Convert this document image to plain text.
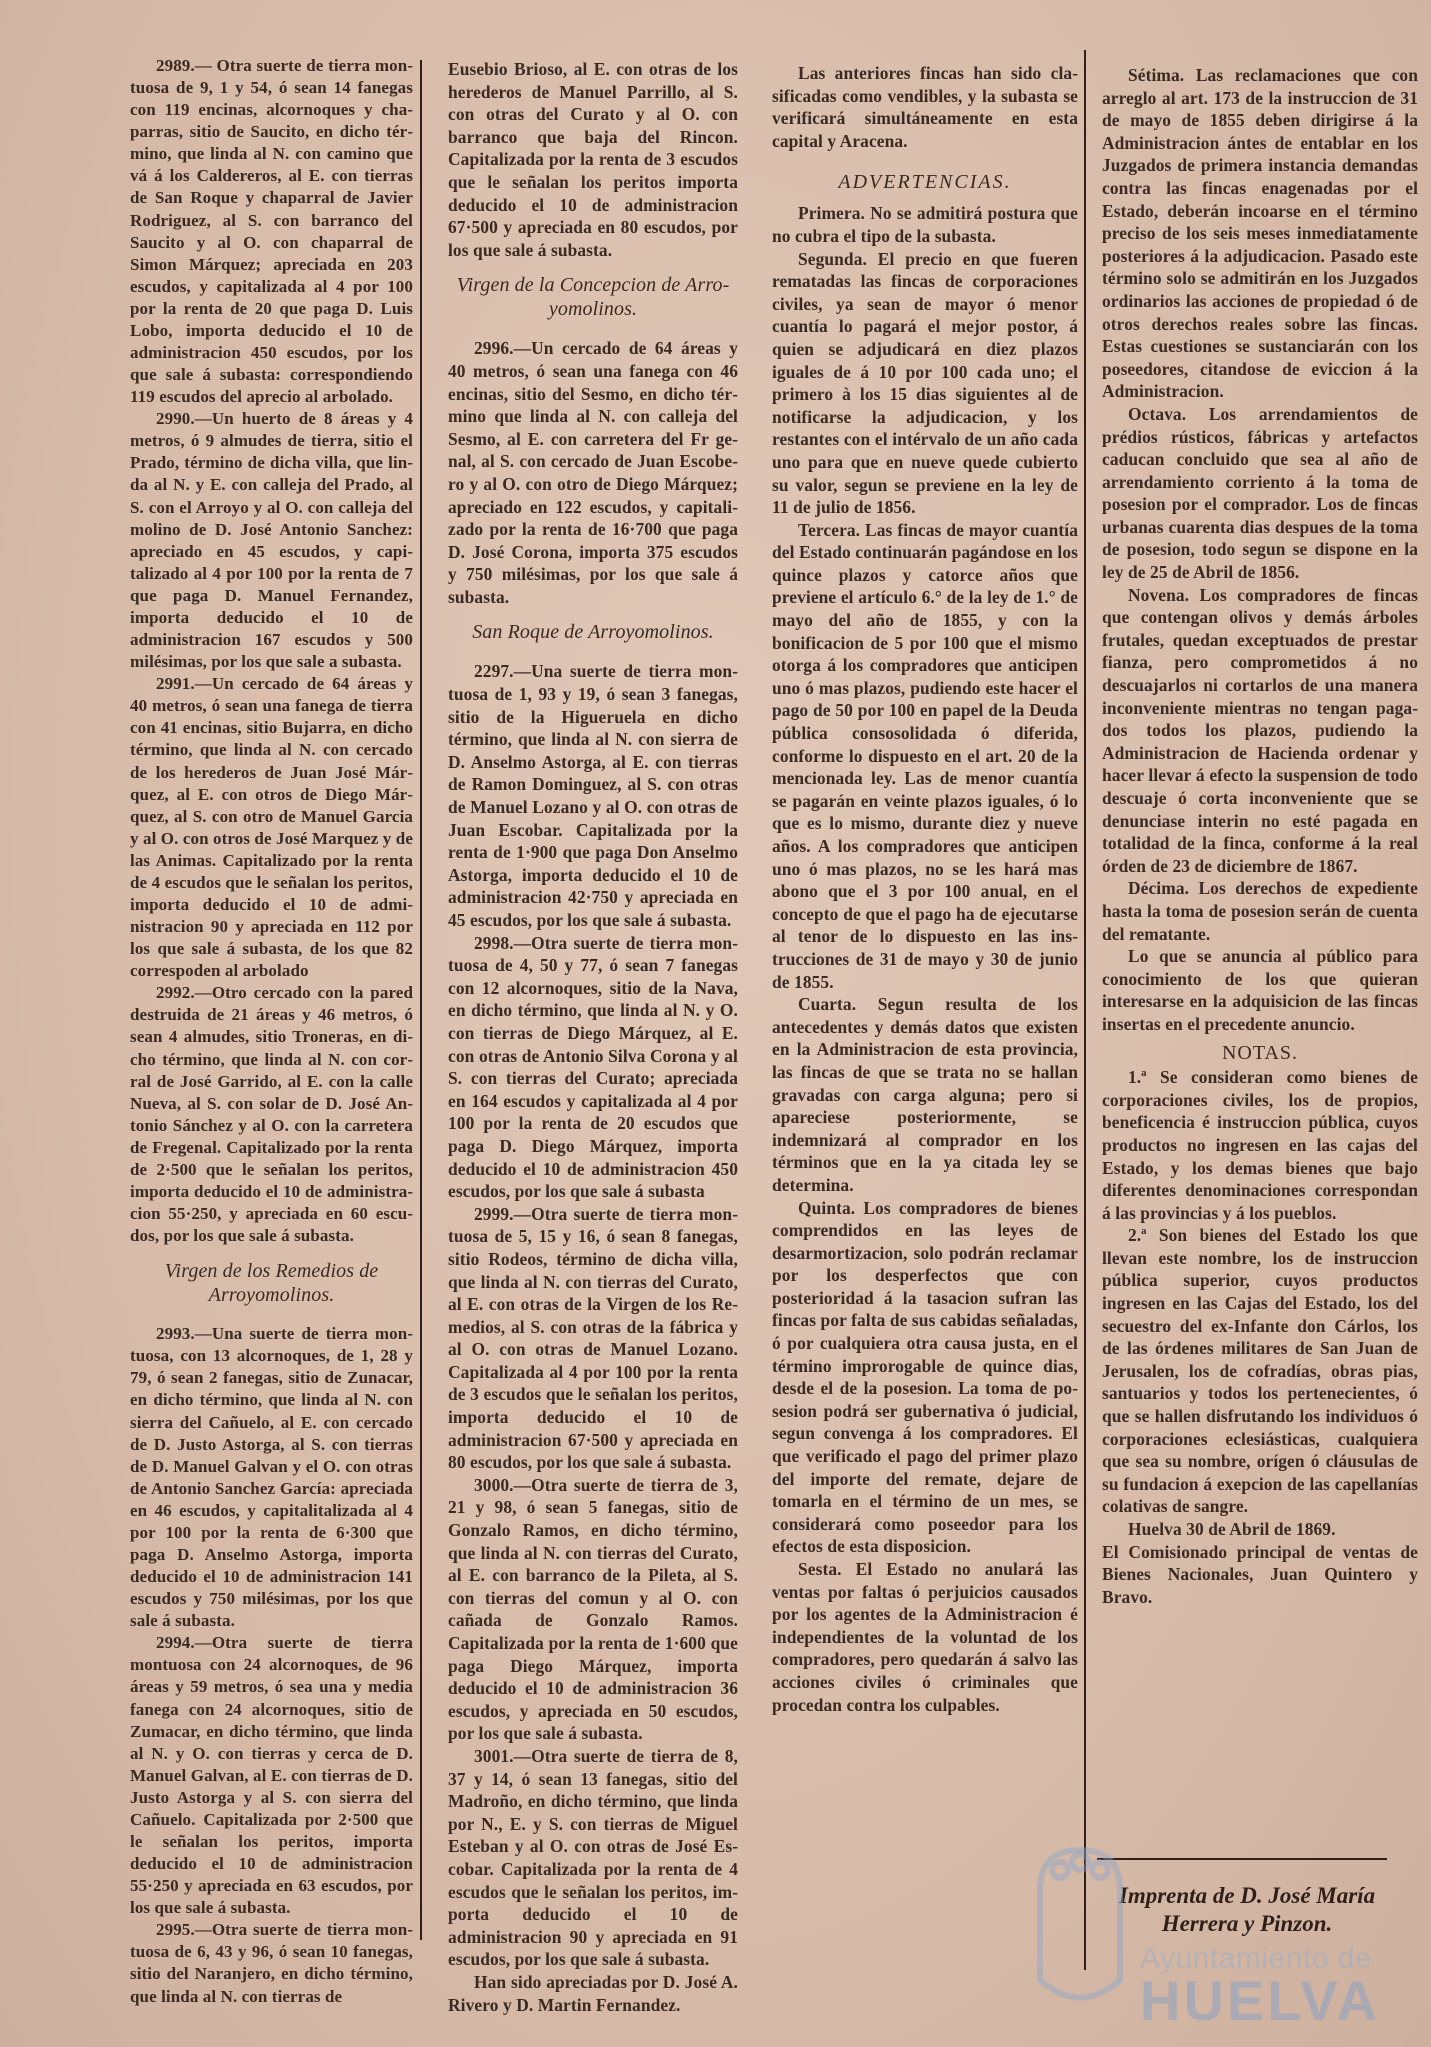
2989.— Otra suerte de tierra montuosa de 9, 1 y 54, ó sean 14 fanegas con 119 encinas, alcornoques y chaparras, sitio de Saucito, en dicho término, que linda al N. con camino que vá á los Caldereros, al E. con tierras de San Roque y chaparral de Javier Rodriguez, al S. con barranco del Saucito y al O. con chaparral de Simon Márquez; apreciada en 203 escudos, y capitalizada al 4 por 100 por la renta de 20 que paga D. Luis Lobo, importa deducido el 10 de administracion 450 escudos, por los que sale á subasta: correspondiendo 119 escudos del aprecio al arbolado.

2990.—Un huerto de 8 áreas y 4 metros, ó 9 almudes de tierra, sitio el Prado, término de dicha villa, que linda al N. y E. con calleja del Prado, al S. con el Arroyo y al O. con calleja del molino de D. José Antonio Sanchez: apreciado en 45 escudos, y capitalizado al 4 por 100 por la renta de 7 que paga D. Manuel Fernandez, importa deducido el 10 de administracion 167 escudos y 500 milésimas, por los que sale a subasta.

2991.—Un cercado de 64 áreas y 40 metros, ó sean una fanega de tierra con 41 encinas, sitio Bujarra, en dicho término, que linda al N. con cercado de los herederos de Juan José Márquez, al E. con otros de Diego Márquez, al S. con otro de Manuel Garcia y al O. con otros de José Marquez y de las Animas. Capitalizado por la renta de 4 escudos que le señalan los peritos, importa deducido el 10 de administracion 90 y apreciada en 112 por los que sale á subasta, de los que 82 correspoden al arbolado

2992.—Otro cercado con la pared destruida de 21 áreas y 46 metros, ó sean 4 almudes, sitio Troneras, en dicho término, que linda al N. con corral de José Garrido, al E. con la calle Nueva, al S. con solar de D. José Antonio Sánchez y al O. con la carretera de Fregenal. Capitalizado por la renta de 2·500 que le señalan los peritos, importa deducido el 10 de administracion 55·250, y apreciada en 60 escudos, por los que sale á subasta.

Virgen de los Remedios de Arroyomolinos.

2993.—Una suerte de tierra montuosa, con 13 alcornoques, de 1, 28 y 79, ó sean 2 fanegas, sitio de Zunacar, en dicho término, que linda al N. con sierra del Cañuelo, al E. con cercado de D. Justo Astorga, al S. con tierras de D. Manuel Galvan y el O. con otras de Antonio Sanchez García: apreciada en 46 escudos, y capitalitalizada al 4 por 100 por la renta de 6·300 que paga D. Anselmo Astorga, importa deducido el 10 de administracion 141 escudos y 750 milésimas, por los que sale á subasta.

2994.—Otra suerte de tierra montuosa con 24 alcornoques, de 96 áreas y 59 metros, ó sea una y media fanega con 24 alcornoques, sitio de Zumacar, en dicho término, que linda al N. y O. con tierras y cerca de D. Manuel Galvan, al E. con tierras de D. Justo Astorga y al S. con sierra del Cañuelo. Capitalizada por 2·500 que le señalan los peritos, importa deducido el 10 de administracion 55·250 y apreciada en 63 escudos, por los que sale á subasta.

2995.—Otra suerte de tierra montuosa de 6, 43 y 96, ó sean 10 fanegas, sitio del Naranjero, en dicho término, que linda al N. con tierras de

Eusebio Brioso, al E. con otras de los herederos de Manuel Parrillo, al S. con otras del Curato y al O. con barranco que baja del Rincon. Capitalizada por la renta de 3 escudos que le señalan los peritos importa deducido el 10 de administracion 67·500 y apreciada en 80 escudos, por los que sale á subasta.

Virgen de la Concepcion de Arroyomolinos.

2996.—Un cercado de 64 áreas y 40 metros, ó sean una fanega con 46 encinas, sitio del Sesmo, en dicho término que linda al N. con calleja del Sesmo, al E. con carretera del Fr genal, al S. con cercado de Juan Escobero y al O. con otro de Diego Márquez; apreciado en 122 escudos, y capitalizado por la renta de 16·700 que paga D. José Corona, importa 375 escudos y 750 milésimas, por los que sale á subasta.

San Roque de Arroyomolinos.

2297.—Una suerte de tierra montuosa de 1, 93 y 19, ó sean 3 fanegas, sitio de la Higueruela en dicho término, que linda al N. con sierra de D. Anselmo Astorga, al E. con tierras de Ramon Dominguez, al S. con otras de Manuel Lozano y al O. con otras de Juan Escobar. Capitalizada por la renta de 1·900 que paga Don Anselmo Astorga, importa deducido el 10 de administracion 42·750 y apreciada en 45 escudos, por los que sale á subasta.

2998.—Otra suerte de tierra montuosa de 4, 50 y 77, ó sean 7 fanegas con 12 alcornoques, sitio de la Nava, en dicho término, que linda al N. y O. con tierras de Diego Márquez, al E. con otras de Antonio Silva Corona y al S. con tierras del Curato; apreciada en 164 escudos y capitalizada al 4 por 100 por la renta de 20 escudos que paga D. Diego Márquez, importa deducido el 10 de administracion 450 escudos, por los que sale á subasta

2999.—Otra suerte de tierra montuosa de 5, 15 y 16, ó sean 8 fanegas, sitio Rodeos, término de dicha villa, que linda al N. con tierras del Curato, al E. con otras de la Virgen de los Remedios, al S. con otras de la fábrica y al O. con otras de Manuel Lozano. Capitalizada al 4 por 100 por la renta de 3 escudos que le señalan los peritos, importa deducido el 10 de administracion 67·500 y apreciada en 80 escudos, por los que sale á subasta.

3000.—Otra suerte de tierra de 3, 21 y 98, ó sean 5 fanegas, sitio de Gonzalo Ramos, en dicho término, que linda al N. con tierras del Curato, al E. con barranco de la Pileta, al S. con tierras del comun y al O. con cañada de Gonzalo Ramos. Capitalizada por la renta de 1·600 que paga Diego Márquez, importa deducido el 10 de administracion 36 escudos, y apreciada en 50 escudos, por los que sale á subasta.

3001.—Otra suerte de tierra de 8, 37 y 14, ó sean 13 fanegas, sitio del Madroño, en dicho término, que linda por N., E. y S. con tierras de Miguel Esteban y al O. con otras de José Escobar. Capitalizada por la renta de 4 escudos que le señalan los peritos, importa deducido el 10 de administracion 90 y apreciada en 91 escudos, por los que sale á subasta.

Han sido apreciadas por D. José A. Rivero y D. Martin Fernandez.

Las anteriores fincas han sido clasificadas como vendibles, y la subasta se verificará simultáneamente en esta capital y Aracena.

ADVERTENCIAS.

Primera. No se admitirá postura que no cubra el tipo de la subasta.

Segunda. El precio en que fueren rematadas las fincas de corporaciones civiles, ya sean de mayor ó menor cuantía lo pagará el mejor postor, á quien se adjudicará en diez plazos iguales de á 10 por 100 cada uno; el primero à los 15 dias siguientes al de notificarse la adjudicacion, y los restantes con el intérvalo de un año cada uno para que en nueve quede cubierto su valor, segun se previene en la ley de 11 de julio de 1856.

Tercera. Las fincas de mayor cuantía del Estado continuarán pagándose en los quince plazos y catorce años que previene el artículo 6.° de la ley de 1.° de mayo del año de 1855, y con la bonificacion de 5 por 100 que el mismo otorga á los compradores que anticipen uno ó mas plazos, pudiendo este hacer el pago de 50 por 100 en papel de la Deuda pública consosolidada ó diferida, conforme lo dispuesto en el art. 20 de la mencionada ley. Las de menor cuantía se pagarán en veinte plazos iguales, ó lo que es lo mismo, durante diez y nueve años. A los compradores que anticipen uno ó mas plazos, no se les hará mas abono que el 3 por 100 anual, en el concepto de que el pago ha de ejecutarse al tenor de lo dispuesto en las instrucciones de 31 de mayo y 30 de junio de 1855.

Cuarta. Segun resulta de los antecedentes y demás datos que existen en la Administracion de esta provincia, las fincas de que se trata no se hallan gravadas con carga alguna; pero si apareciese posteriormente, se indemnizará al comprador en los términos que en la ya citada ley se determina.

Quinta. Los compradores de bienes comprendidos en las leyes de desarmortizacion, solo podrán reclamar por los desperfectos que con posterioridad á la tasacion sufran las fincas por falta de sus cabidas señaladas, ó por cualquiera otra causa justa, en el término improrogable de quince dias, desde el de la posesion. La toma de posesion podrá ser gubernativa ó judicial, segun convenga á los compradores. El que verificado el pago del primer plazo del importe del remate, dejare de tomarla en el término de un mes, se considerará como poseedor para los efectos de esta disposicion.

Sesta. El Estado no anulará las ventas por faltas ó perjuicios causados por los agentes de la Administracion é independientes de la voluntad de los compradores, pero quedarán á salvo las acciones civiles ó criminales que procedan contra los culpables.

Sétima. Las reclamaciones que con arreglo al art. 173 de la instruccion de 31 de mayo de 1855 deben dirigirse á la Administracion ántes de entablar en los Juzgados de primera instancia demandas contra las fincas enagenadas por el Estado, deberán incoarse en el término preciso de los seis meses inmediatamente posteriores á la adjudicacion. Pasado este término solo se admitirán en los Juzgados ordinarios las acciones de propiedad ó de otros derechos reales sobre las fincas. Estas cuestiones se sustanciarán con los poseedores, citandose de eviccion á la Administracion.

Octava. Los arrendamientos de prédios rústicos, fábricas y artefactos caducan concluido que sea al año de arrendamiento corriento á la toma de posesion por el comprador. Los de fincas urbanas cuarenta dias despues de la toma de posesion, todo segun se dispone en la ley de 25 de Abril de 1856.

Novena. Los compradores de fincas que contengan olivos y demás árboles frutales, quedan exceptuados de prestar fianza, pero comprometidos á no descuajarlos ni cortarlos de una manera inconveniente mientras no tengan pagados todos los plazos, pudiendo la Administracion de Hacienda ordenar y hacer llevar á efecto la suspension de todo descuaje ó corta inconveniente que se denunciase interin no esté pagada en totalidad de la finca, conforme á la real órden de 23 de diciembre de 1867.

Décima. Los derechos de expediente hasta la toma de posesion serán de cuenta del rematante.

Lo que se anuncia al público para conocimiento de los que quieran interesarse en la adquisicion de las fincas insertas en el precedente anuncio.

NOTAS.

1.ª Se consideran como bienes de corporaciones civiles, los de propios, beneficencia é instruccion pública, cuyos productos no ingresen en las cajas del Estado, y los demas bienes que bajo diferentes denominaciones correspondan á las provincias y á los pueblos.

2.ª Son bienes del Estado los que llevan este nombre, los de instruccion pública superior, cuyos productos ingresen en las Cajas del Estado, los del secuestro del ex-Infante don Cárlos, los de las órdenes militares de San Juan de Jerusalen, los de cofradías, obras pias, santuarios y todos los pertenecientes, ó que se hallen disfrutando los individuos ó corporaciones eclesiásticas, cualquiera que sea su nombre, orígen ó cláusulas de su fundacion á exepcion de las capellanías colativas de sangre.

Huelva 30 de Abril de 1869.

El Comisionado principal de ventas de Bienes Nacionales, Juan Quintero y Bravo.

Imprenta de D. José María
Herrera y Pinzon.
Ayuntamiento de
HUELVA
